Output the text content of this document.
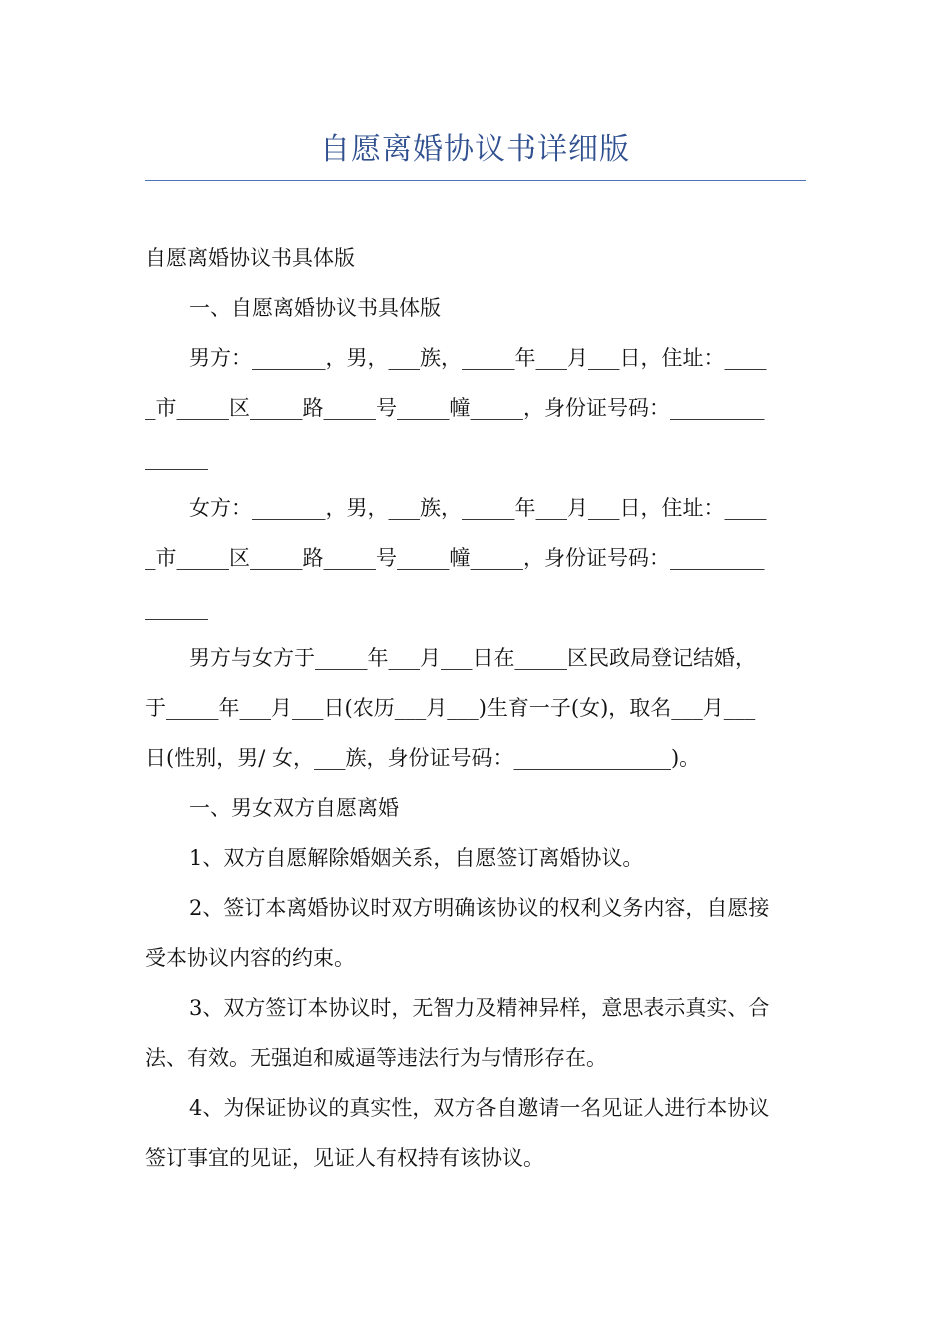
自愿离婚协议书详细版

自愿离婚协议书具体版

一、自愿离婚协议书具体版

男方：_______，男，___族，_____年___月___日，住址：____

_市_____区_____路_____号_____幢_____，身份证号码：_________

______

女方：_______，男，___族，_____年___月___日，住址：____

_市_____区_____路_____号_____幢_____，身份证号码：_________

______

男方与女方于_____年___月___日在_____区民政局登记结婚，

于_____年___月___日(农历___月___)生育一子(女)，取名___月___

日(性别，男/ 女，___族，身份证号码：_______________)。

一、男女双方自愿离婚

1、双方自愿解除婚姻关系，自愿签订离婚协议。

2、签订本离婚协议时双方明确该协议的权利义务内容，自愿接

受本协议内容的约束。

3、双方签订本协议时，无智力及精神异样，意思表示真实、合

法、有效。无强迫和威逼等违法行为与情形存在。

4、为保证协议的真实性，双方各自邀请一名见证人进行本协议

签订事宜的见证，见证人有权持有该协议。
